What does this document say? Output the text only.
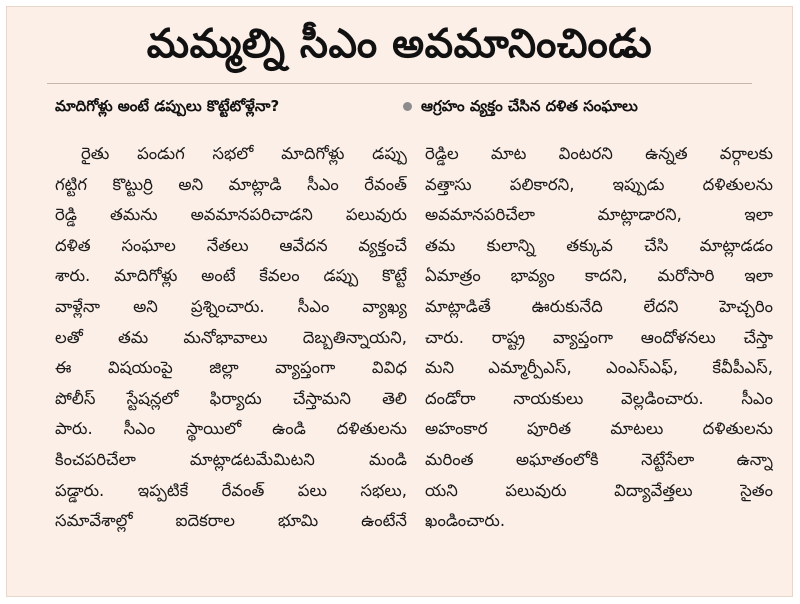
మమ్మల్ని సీఎం అవమానించిండు
మాదిగోళ్లు అంటే డప్పులు కొట్టేటోళ్లేనా?	ఆగ్రహం వ్యక్తం చేసిన దళిత సంఘాలు
రైతు పండుగ సభలో మాదిగోళ్లు డప్పు
గట్టిగ కొట్టుర్రి అని మాట్లాడి సీఎం రేవంత్
రెడ్డి తమను అవమానపరిచాడని పలువురు
దళిత సంఘాల నేతలు ఆవేదన వ్యక్తంచే
శారు. మాదిగోళ్లు అంటే కేవలం డప్పు కొట్టే
వాళ్లేనా అని ప్రశ్నించారు. సీఎం వ్యాఖ్య
లతో తమ మనోభావాలు దెబ్బతిన్నాయని,
ఈ విషయంపై జిల్లా వ్యాప్తంగా వివిధ
పోలీస్ స్టేషన్లలో ఫిర్యాదు చేస్తామని తెలి
పారు. సీఎం స్థాయిలో ఉండి దళితులను
కించపరిచేలా మాట్లాడటమేమిటని మండి
పడ్డారు. ఇప్పటికే రేవంత్ పలు సభలు,
సమావేశాల్లో ఐదెకరాల భూమి ఉంటేనే
రెడ్డిల మాట వింటరని ఉన్నత వర్గాలకు
వత్తాసు పలికారని, ఇప్పుడు దళితులను
అవమానపరిచేలా మాట్లాడారని, ఇలా
తమ కులాన్ని తక్కువ చేసి మాట్లాడడం
ఏమాత్రం భావ్యం కాదని, మరోసారి ఇలా
మాట్లాడితే ఊరుకునేది లేదని హెచ్చరిం
చారు. రాష్ట్ర వ్యాప్తంగా ఆందోళనలు చేస్తా
మని ఎమ్మార్పీఎస్, ఎంఎస్ఎఫ్, కేవీపీఎస్,
దండోరా నాయకులు వెల్లడించారు. సీఎం
అహంకార పూరిత మాటలు దళితులను
మరింత అఘాతంలోకి నెట్టేసేలా ఉన్నా
యని పలువురు విద్యావేత్తలు సైతం
ఖండించారు.
